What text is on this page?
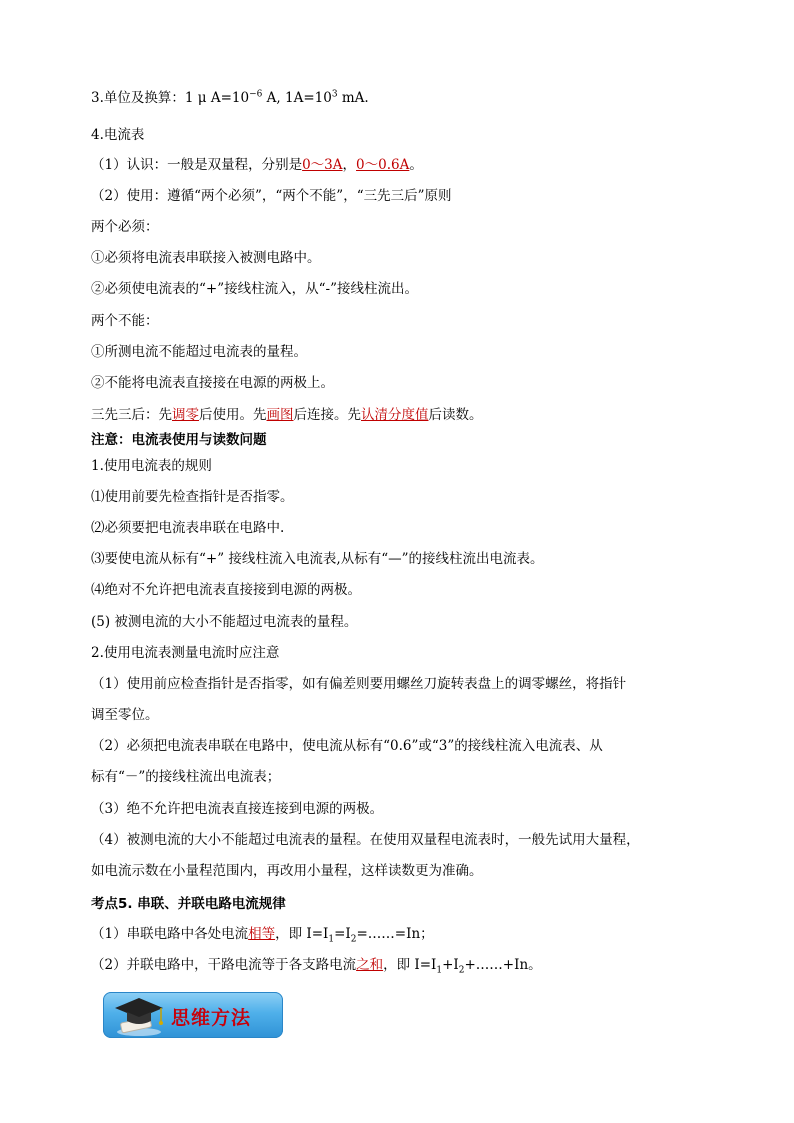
3.单位及换算：1 μ $A=10^{-6}$ A, $1A=10^3$ mA.
4.电流表
（1）认识：一般是双量程，分别是0～3A，0～0.6A。
（2）使用：遵循“两个必须”，“两个不能”，“三先三后”原则
两个必须：
①必须将电流表串联接入被测电路中。
②必须使电流表的“+”接线柱流入，从“-”接线柱流出。
两个不能：
①所测电流不能超过电流表的量程。
②不能将电流表直接接在电源的两极上。
三先三后：先调零后使用。先画图后连接。先认清分度值后读数。
注意：电流表使用与读数问题
1.使用电流表的规则
⑴使用前要先检查指针是否指零。
⑵必须要把电流表串联在电路中.
⑶要使电流从标有“+” 接线柱流入电流表,从标有“—”的接线柱流出电流表。
⑷绝对不允许把电流表直接接到电源的两极。
(5) 被测电流的大小不能超过电流表的量程。
2.使用电流表测量电流时应注意
（1）使用前应检查指针是否指零，如有偏差则要用螺丝刀旋转表盘上的调零螺丝，将指针
调至零位。
（2）必须把电流表串联在电路中，使电流从标有“0.6”或“3”的接线柱流入电流表、从
标有“－”的接线柱流出电流表；
（3）绝不允许把电流表直接连接到电源的两极。
（4）被测电流的大小不能超过电流表的量程。在使用双量程电流表时，一般先试用大量程，
如电流示数在小量程范围内，再改用小量程，这样读数更为准确。
考点5. 串联、并联电路电流规律
（1）串联电路中各处电流相等，即 $I=I_1=I_2=\dots\dots=In$；
（2）并联电路中，干路电流等于各支路电流之和，即 $I=I_1+I_2+\dots\dots+In$。
思维方法
